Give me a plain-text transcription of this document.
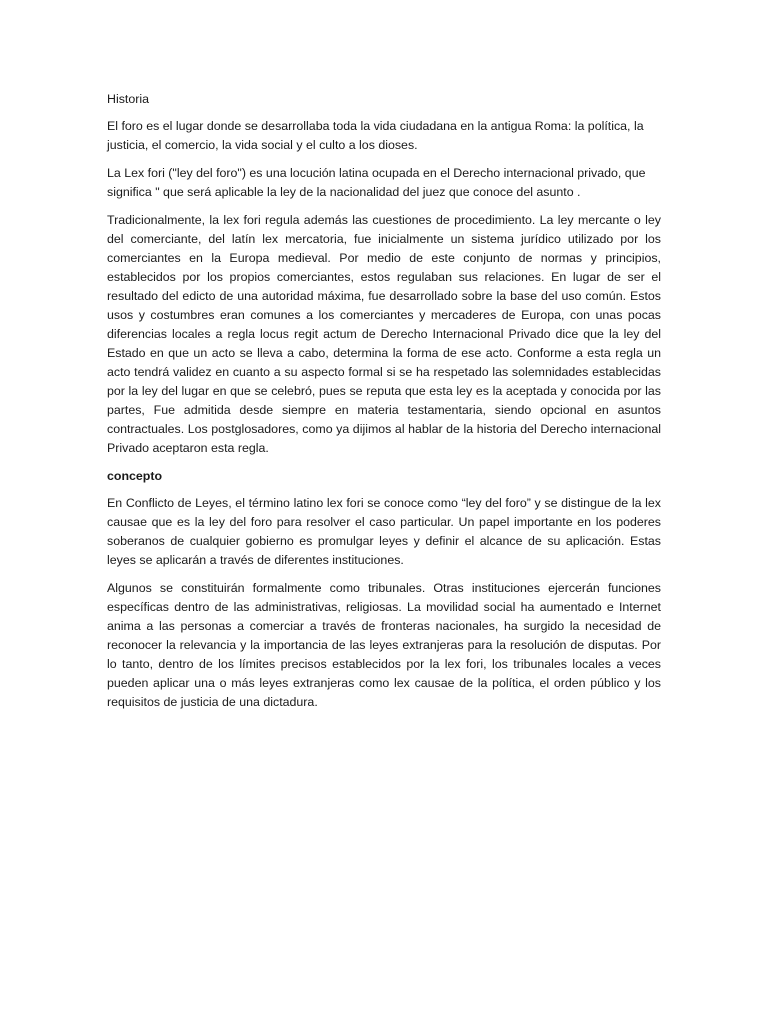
Historia

El foro es el lugar donde se desarrollaba toda la vida ciudadana en la antigua Roma: la política, la justicia, el comercio, la vida social y el culto a los dioses.

La Lex fori ("ley del foro") es una locución latina ocupada en el Derecho internacional privado, que significa " que será aplicable la ley de la nacionalidad del juez que conoce del asunto .

Tradicionalmente, la lex fori regula además las cuestiones de procedimiento. La ley mercante o ley del comerciante, del latín lex mercatoria, fue inicialmente un sistema jurídico utilizado por los comerciantes en la Europa medieval. Por medio de este conjunto de normas y principios, establecidos por los propios comerciantes, estos regulaban sus relaciones. En lugar de ser el resultado del edicto de una autoridad máxima, fue desarrollado sobre la base del uso común. Estos usos y costumbres eran comunes a los comerciantes y mercaderes de Europa, con unas pocas diferencias locales a regla locus regit actum de Derecho Internacional Privado dice que la ley del Estado en que un acto se lleva a cabo, determina la forma de ese acto. Conforme a esta regla un acto tendrá validez en cuanto a su aspecto formal si se ha respetado las solemnidades establecidas por la ley del lugar en que se celebró, pues se reputa que esta ley es la aceptada y conocida por las partes, Fue admitida desde siempre en materia testamentaria, siendo opcional en asuntos contractuales. Los postglosadores, como ya dijimos al hablar de la historia del Derecho internacional Privado aceptaron esta regla.

concepto

En Conflicto de Leyes, el término latino lex fori se conoce como “ley del foro” y se distingue de la lex causae que es la ley del foro para resolver el caso particular. Un papel importante en los poderes soberanos de cualquier gobierno es promulgar leyes y definir el alcance de su aplicación. Estas leyes se aplicarán a través de diferentes instituciones.

Algunos se constituirán formalmente como tribunales. Otras instituciones ejercerán funciones específicas dentro de las administrativas, religiosas. La movilidad social ha aumentado e Internet anima a las personas a comerciar a través de fronteras nacionales, ha surgido la necesidad de reconocer la relevancia y la importancia de las leyes extranjeras para la resolución de disputas. Por lo tanto, dentro de los límites precisos establecidos por la lex fori, los tribunales locales a veces pueden aplicar una o más leyes extranjeras como lex causae de la política, el orden público y los requisitos de justicia de una dictadura.
